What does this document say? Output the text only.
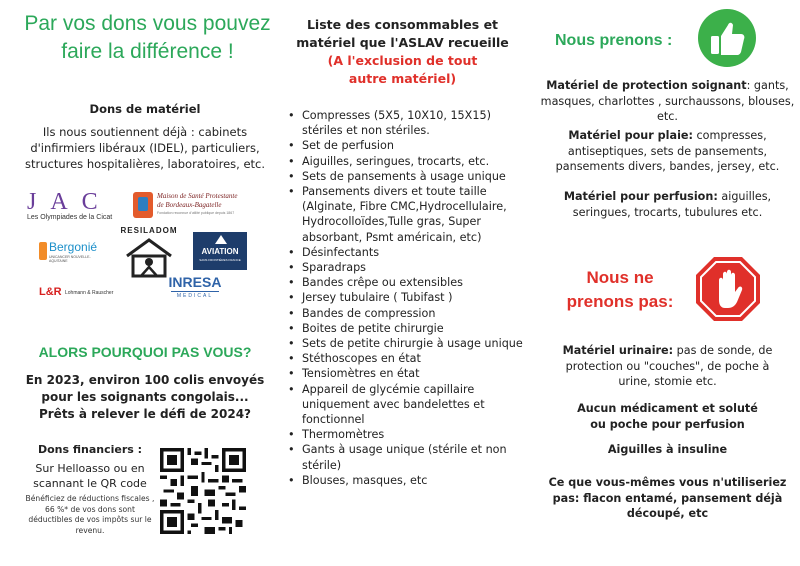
Par vos dons vous pouvez faire la différence !
Dons de matériel
Ils nous soutiennent déjà : cabinets d'infirmiers libéraux (IDEL), particuliers, structures hospitalières, laboratoires, etc.
JAC
Les Olympiades de la Cicat
Maison de Santé Protestante
de Bordeaux-Bagatelle
Fondation reconnue d'utilité publique depuis 1867
Bergonié
UNICANCER NOUVELLE-AQUITAINE
RESILADOM
AVIATION
SANS FRONTIÈRES FRANCE
L&R Lohmann & Rauscher
INRESA
MEDICAL
ALORS POURQUOI PAS VOUS?
En 2023, environ 100 colis envoyés
pour les soignants congolais...
Prêts à relever le défi de 2024?
Dons financiers :
Sur Helloasso ou en scannant le QR code
Bénéficiez de réductions fiscales , 66 %* de vos dons sont déductibles de vos impôts sur le revenu.
Liste des consommables et matériel que l'ASLAV recueille
(A l'exclusion de tout autre matériel)
• Compresses (5X5, 10X10, 15X15) stériles et non stériles.
• Set de perfusion
• Aiguilles, seringues, trocarts, etc.
• Sets de pansements à usage unique
• Pansements divers et toute taille (Alginate, Fibre CMC,Hydrocellulaire, Hydrocolloïdes,Tulle gras, Super absorbant, Psmt américain, etc)
• Désinfectants
• Sparadraps
• Bandes crêpe ou extensibles
• Jersey tubulaire ( Tubifast )
• Bandes de compression
• Boites de petite chirurgie
• Sets de petite chirurgie à usage unique
• Stéthoscopes en état
• Tensiomètres en état
• Appareil de glycémie capillaire uniquement avec bandelettes et fonctionnel
• Thermomètres
• Gants à usage unique (stérile et non stérile)
• Blouses, masques, etc
Nous prenons :
Matériel de protection soignant: gants, masques, charlottes , surchaussons, blouses, etc.
Matériel pour plaie: compresses, antiseptiques, sets de pansements, pansements divers, bandes, jersey, etc.
Matériel pour perfusion: aiguilles, seringues, trocarts, tubulures etc.
Nous ne prenons pas:
Matériel urinaire: pas de sonde, de protection ou "couches", de poche à urine, stomie etc.
Aucun médicament et soluté ou poche pour perfusion
Aiguilles à insuline
Ce que vous-mêmes vous n'utiliseriez pas: flacon entamé, pansement déjà découpé, etc
